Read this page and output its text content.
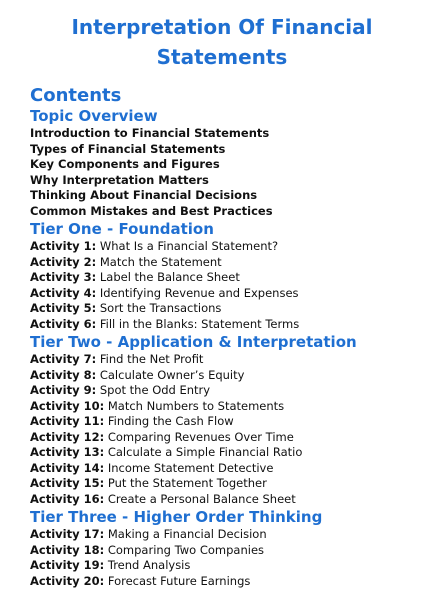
Interpretation Of Financial
Statements
Contents
Topic Overview
Introduction to Financial Statements
Types of Financial Statements
Key Components and Figures
Why Interpretation Matters
Thinking About Financial Decisions
Common Mistakes and Best Practices
Tier One - Foundation
Activity 1: What Is a Financial Statement?
Activity 2: Match the Statement
Activity 3: Label the Balance Sheet
Activity 4: Identifying Revenue and Expenses
Activity 5: Sort the Transactions
Activity 6: Fill in the Blanks: Statement Terms
Tier Two - Application & Interpretation
Activity 7: Find the Net Profit
Activity 8: Calculate Owner’s Equity
Activity 9: Spot the Odd Entry
Activity 10: Match Numbers to Statements
Activity 11: Finding the Cash Flow
Activity 12: Comparing Revenues Over Time
Activity 13: Calculate a Simple Financial Ratio
Activity 14: Income Statement Detective
Activity 15: Put the Statement Together
Activity 16: Create a Personal Balance Sheet
Tier Three - Higher Order Thinking
Activity 17: Making a Financial Decision
Activity 18: Comparing Two Companies
Activity 19: Trend Analysis
Activity 20: Forecast Future Earnings
